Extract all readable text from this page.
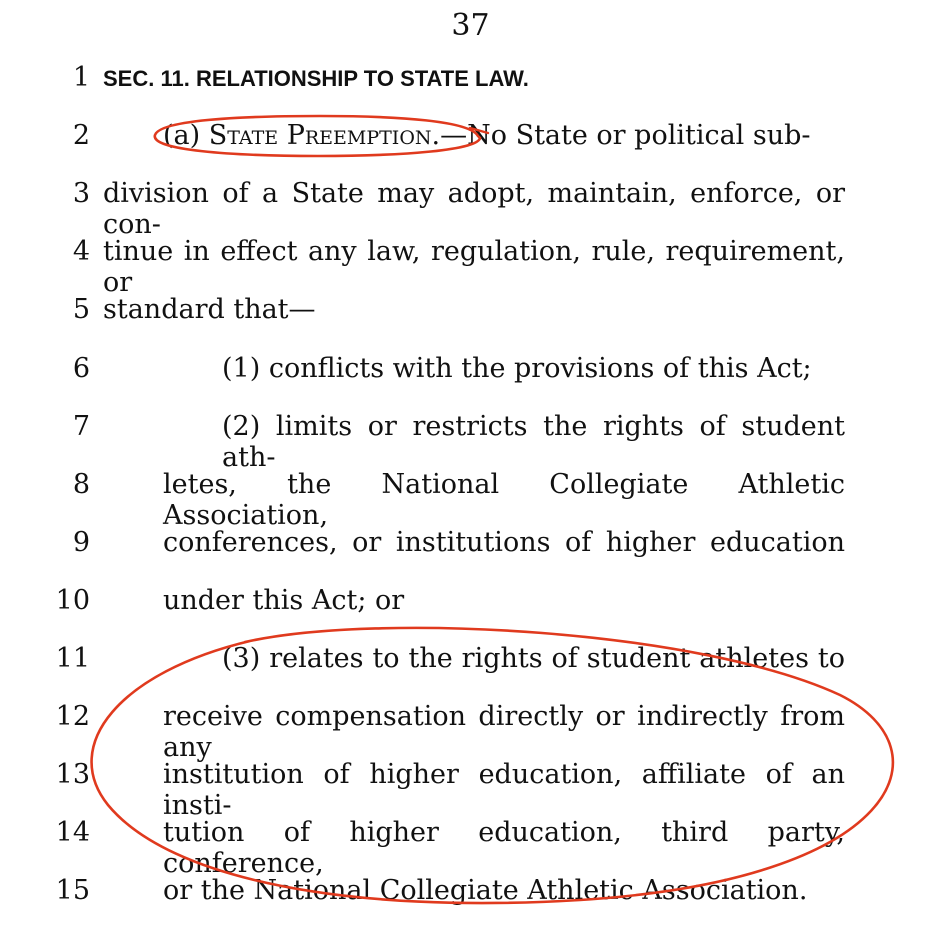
37
1
2
3
4
5
6
7
8
9
10
11
12
13
14
15
SEC. 11. RELATIONSHIP TO STATE LAW.
(a) State Preemption.—No State or political sub-
division of a State may adopt, maintain, enforce, or con-
tinue in effect any law, regulation, rule, requirement, or
standard that—
(1) conflicts with the provisions of this Act;
(2) limits or restricts the rights of student ath-
letes, the National Collegiate Athletic Association,
conferences, or institutions of higher education
under this Act; or
(3) relates to the rights of student athletes to
receive compensation directly or indirectly from any
institution of higher education, affiliate of an insti-
tution of higher education, third party, conference,
or the National Collegiate Athletic Association.
